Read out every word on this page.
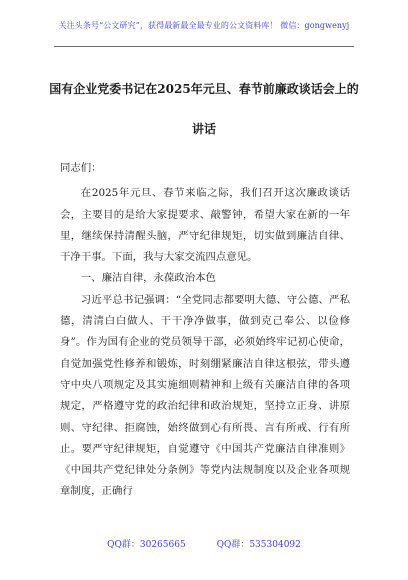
关注头条号“公文研究”，获得最新最全最专业的公文资料库！ 微信：gongwenyj
国有企业党委书记在2025年元旦、春节前廉政谈话会上的
讲话

同志们：

在2025年元旦、春节来临之际，我们召开这次廉政谈话会，主要目的是给大家提要求、敲警钟，希望大家在新的一年里，继续保持清醒头脑，严守纪律规矩，切实做到廉洁自律、干净干事。下面，我与大家交流四点意见。

一、廉洁自律，永葆政治本色

习近平总书记强调：“全党同志都要明大德、守公德、严私德，清清白白做人、干干净净做事，做到克己奉公、以俭修身”。作为国有企业的党员领导干部，必须始终牢记初心使命，自觉加强党性修养和锻炼，时刻绷紧廉洁自律这根弦，带头遵守中央八项规定及其实施细则精神和上级有关廉洁自律的各项规定，严格遵守党的政治纪律和政治规矩，坚持立正身、讲原则、守纪律、拒腐蚀，始终做到心有所畏、言有所戒、行有所止。要严守纪律规矩，自觉遵守《中国共产党廉洁自律准则》《中国共产党纪律处分条例》等党内法规制度以及企业各项规章制度，正确行

QQ群：30265665	QQ群：535304092
